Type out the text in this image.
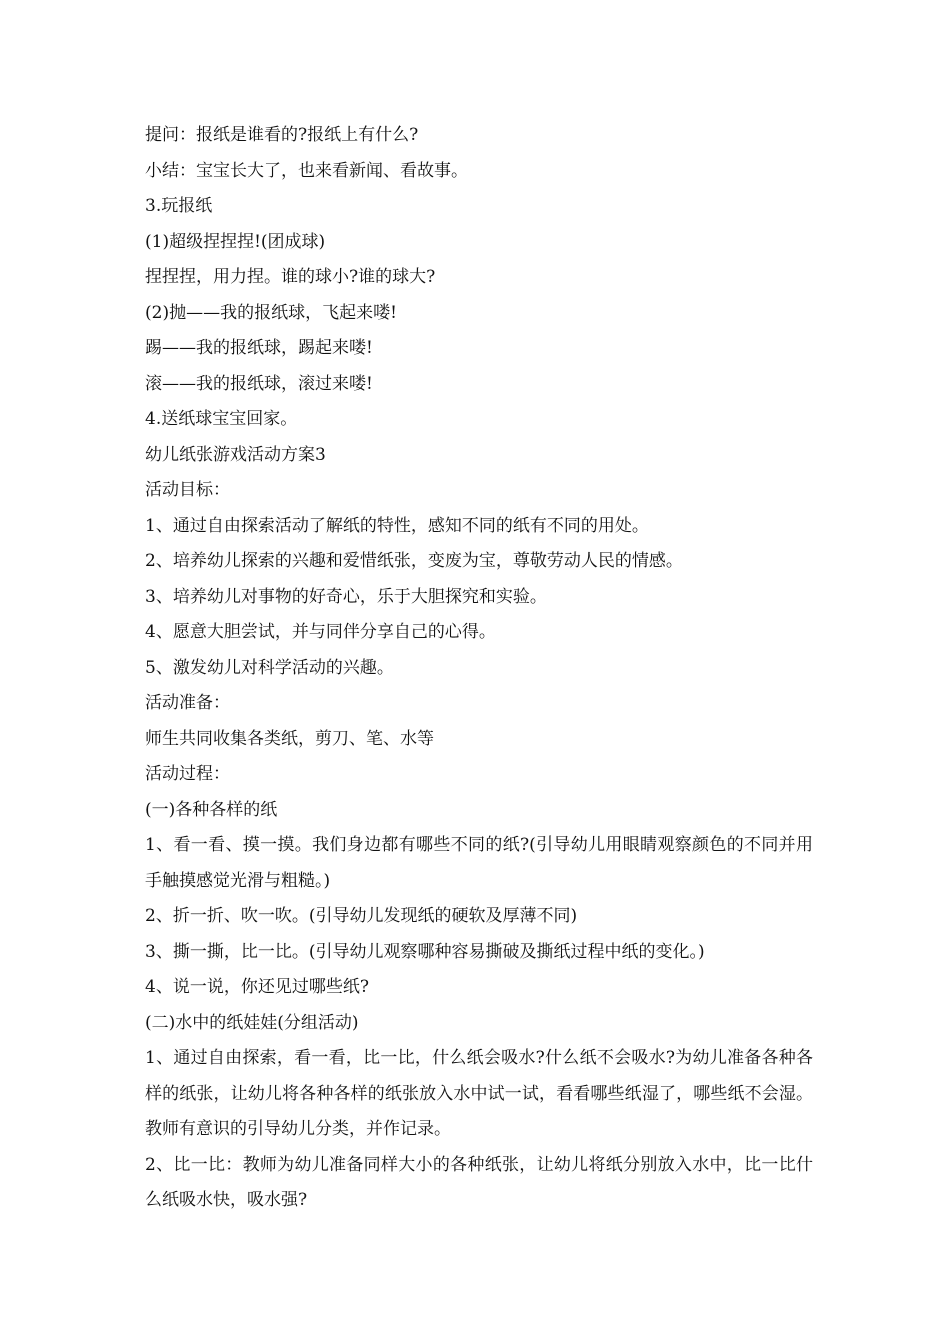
提问：报纸是谁看的?报纸上有什么?

小结：宝宝长大了，也来看新闻、看故事。

3.玩报纸

(1)超级捏捏捏!(团成球)

捏捏捏，用力捏。谁的球小?谁的球大?

(2)抛——我的报纸球，飞起来喽!

踢——我的报纸球，踢起来喽!

滚——我的报纸球，滚过来喽!

4.送纸球宝宝回家。

幼儿纸张游戏活动方案3

活动目标：

1、通过自由探索活动了解纸的特性，感知不同的纸有不同的用处。

2、培养幼儿探索的兴趣和爱惜纸张，变废为宝，尊敬劳动人民的情感。

3、培养幼儿对事物的好奇心，乐于大胆探究和实验。

4、愿意大胆尝试，并与同伴分享自己的心得。

5、激发幼儿对科学活动的兴趣。

活动准备：

师生共同收集各类纸，剪刀、笔、水等

活动过程：

(一)各种各样的纸

1、看一看、摸一摸。我们身边都有哪些不同的纸?(引导幼儿用眼睛观察颜色的不同并用手触摸感觉光滑与粗糙。)

2、折一折、吹一吹。(引导幼儿发现纸的硬软及厚薄不同)

3、撕一撕，比一比。(引导幼儿观察哪种容易撕破及撕纸过程中纸的变化。)

4、说一说，你还见过哪些纸?

(二)水中的纸娃娃(分组活动)

1、通过自由探索，看一看，比一比，什么纸会吸水?什么纸不会吸水?为幼儿准备各种各样的纸张，让幼儿将各种各样的纸张放入水中试一试，看看哪些纸湿了，哪些纸不会湿。教师有意识的引导幼儿分类，并作记录。

2、比一比：教师为幼儿准备同样大小的各种纸张，让幼儿将纸分别放入水中，比一比什么纸吸水快，吸水强?
